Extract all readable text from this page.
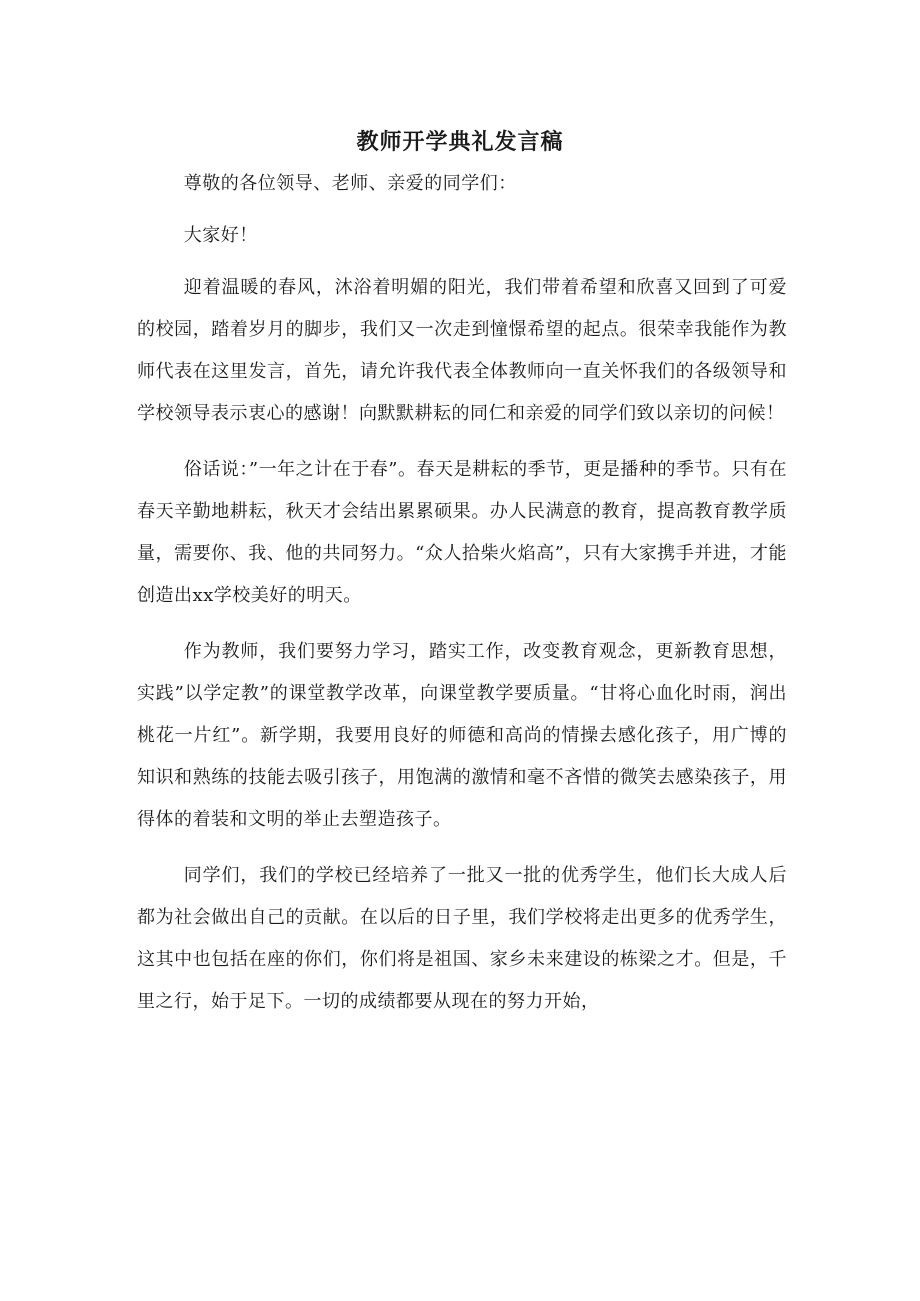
教师开学典礼发言稿

尊敬的各位领导、老师、亲爱的同学们：

大家好！

迎着温暖的春风，沐浴着明媚的阳光，我们带着希望和欣喜又回到了可爱的校园，踏着岁月的脚步，我们又一次走到憧憬希望的起点。很荣幸我能作为教师代表在这里发言，首先，请允许我代表全体教师向一直关怀我们的各级领导和学校领导表示衷心的感谢！向默默耕耘的同仁和亲爱的同学们致以亲切的问候！

俗话说：”一年之计在于春”。春天是耕耘的季节，更是播种的季节。只有在春天辛勤地耕耘，秋天才会结出累累硕果。办人民满意的教育，提高教育教学质量，需要你、我、他的共同努力。“众人拾柴火焰高”，只有大家携手并进，才能创造出xx学校美好的明天。

作为教师，我们要努力学习，踏实工作，改变教育观念，更新教育思想，实践”以学定教”的课堂教学改革，向课堂教学要质量。“甘将心血化时雨，润出桃花一片红”。新学期，我要用良好的师德和高尚的情操去感化孩子，用广博的知识和熟练的技能去吸引孩子，用饱满的激情和毫不吝惜的微笑去感染孩子，用得体的着装和文明的举止去塑造孩子。

同学们，我们的学校已经培养了一批又一批的优秀学生，他们长大成人后都为社会做出自己的贡献。在以后的日子里，我们学校将走出更多的优秀学生，这其中也包括在座的你们，你们将是祖国、家乡未来建设的栋梁之才。但是，千里之行，始于足下。一切的成绩都要从现在的努力开始，
